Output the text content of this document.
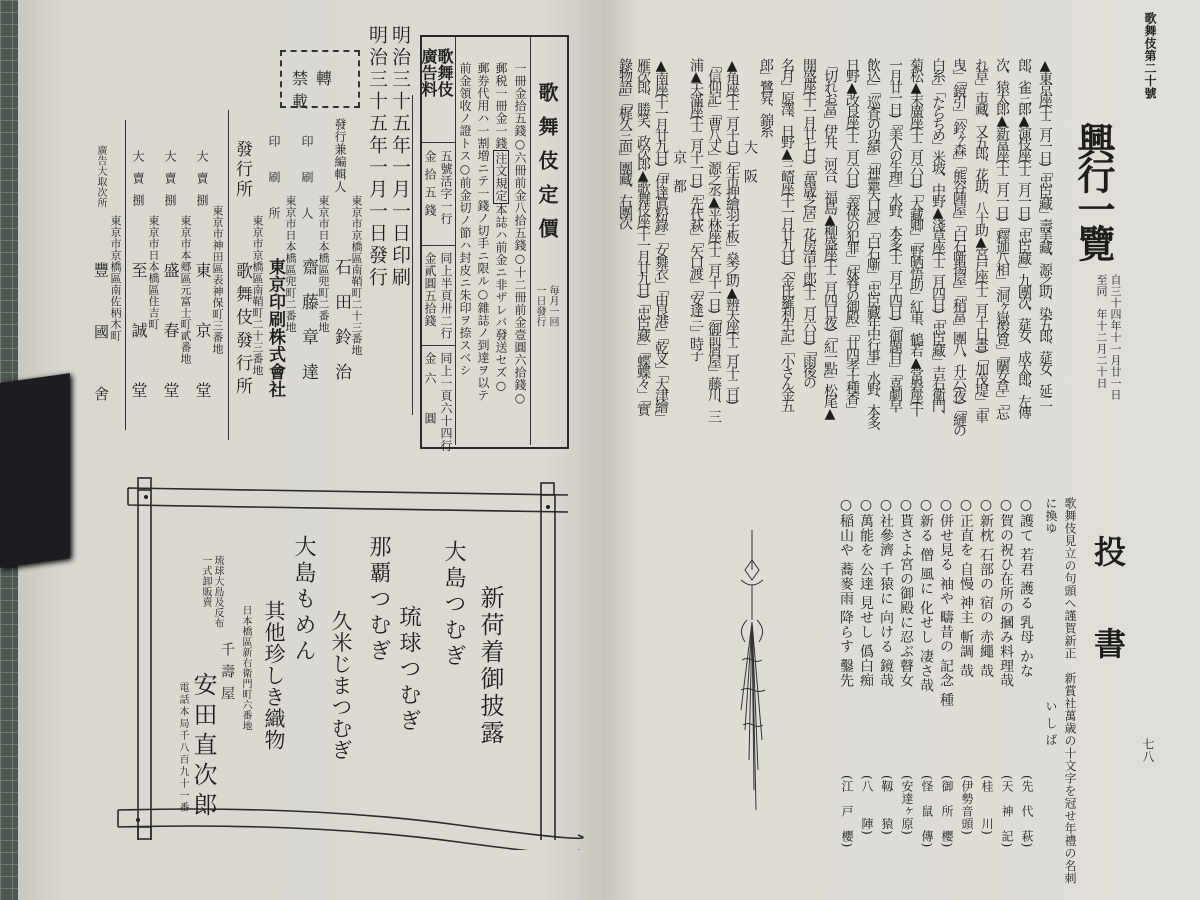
歌舞伎定價
毎月一回
一日發行
一冊金拾五錢○六冊前金八拾五錢○十二冊前金壹圓六拾錢○
郵税一冊金一錢注文規定本誌ハ前金ニ非ザレバ發送セズ○
郵券代用ハ一割増ニテ一錢ノ切手ニ限ル○雜誌ノ到達ヲ以テ
前金領收ノ證トス○前金切ノ節ハ封皮ニ朱印ヲ捺スベシ
歌舞伎
廣告料
五號活字一行
金拾五錢
同上半頁卅二行
金貳圓五拾錢
同上一頁六十四行
金六　圓
明治三十五年一月一日印刷
明治三十五年一月一日發行
禁轉載
東京市京橋區南鞘町二十三番地
發行兼編輯人
石　田　鈴　治
東京市日本橋區兜町二番地
印　刷　人
齋　藤　章　達
東京市日本橋區兜町二番地
印　刷　所
東京印刷株式會社
東京市京橋區南鞘町二十三番地
發行所
歌舞伎發行所
東京市神田區表神保町三番地
大賣捌
東　京　堂
東京市本郷區元富士町貳番地
大賣捌
盛　春　堂
東京市日本橋區住吉町
大賣捌
至　誠　堂
東京市京橋區南佐柄木町
廣告大取次所
豐　國　舍
新荷着御披露
大島つむぎ
琉球つむぎ
那覇つむぎ
久米じまつむぎ
大島もめん
其他珍しき織物
日本橋區新右衛門町六番地
琉球大島及反布
一式卸販賣
千壽屋
安田直次郎
電話本局千八百九十一番
歌舞伎第二十號
興行一覽
自三十四年十一月廿一日
至同　年十二月二十日
▲東京座(十二月一日)「忠臣藏」壽美藏、源之助、染五郎、莚女、延二
郎、雀三郎▲演伎座(十二月一日)「忠臣藏」九團次、莚女、成太郎、左傳
次、猿太郎▲新富座(十二月一日)「釋迦八相」「洞ヶ嶽俊寛」「關女草」「忘
れ草」市藏、又五郎、花助、八十助▲宮戸座(十二月十日晝)「加茂堤」「車
曳」「鏡引」「鈴ヶ森」「熊谷陣屋」「白石噺揚屋」「稍富」團八、升六(夜)「縺の
白糸」「たらちめ」米坡、中野▲淺草座(十二月四日)「忠臣藏」吉右衛門、
菊松▲末廣座(十二月六日)「大藏卿」「野晒悟助」紅車、鶴若▲常磐座(十
一月廿一日)「美人の生理」水野、本多(十二月十四日)「御題目」「喜劇早
飲込」「巡査の功績」「神靈矢口渡」「白石噺」「忠臣藏年中行事」水野、本多、
日野▲改良座(十二月六日)「義俠の犯罪」「妹脊の御殿」「廿四孝十種香」
「切れお富」伊井、河合、福島▲柳盛座(十二月四日夜)「紅一點」松尾▲
開盛座(十一月廿七日)「萬歳芝居」花房清十郎(十二月六日)「雨後の
名月」原澤、日野▲三崎座(十一月廿九日)「金比羅利生記」「小さん金五
郎」鷺昇、錦糸
大　阪
▲角座(十二月十日)「年市押繪羽子板」燊之助▲辨天座(十二月十二日)
「信仰記」「曹八丈」源之丞▲平林座(十二月十一日)「御前屑屋」藤川、三
浦▲天滿座(十二月十一日)「先代萩」「矢口渡」「安達三」時子
京　都
▲南座(十一月廿九日)「伊達眞粉錄」「女舞衣」「由良港」「乾叉」「大津繪」
雁次郎、勝笑、政次郎▲歌舞伎座(十一月廿九日)「忠臣藏」「蝶蝶々」「實
錄物語」「梶久三面」團藏、右團次
投　書
歌舞伎見立の句頭へ謹賀新正
新賞社萬歳の十文字を冠せ年禮の名刺
に換ゆ
い し ば
○護て 若君 護る 乳母 かな
○賀の祝ひ在所の摑み料理哉
○新枕 石部の 宿の 赤繩 哉
○正直を 自慢 神主 斬調 哉
○併せ見る 袖や 疇昔の 記念 種
○新る 僧 風に 化せし 凄さ哉
○貰さよ宮の御殿に忍ぶ瞽女
○社參濟 千猿に 向ける 鏡哉
○萬能を 公達 見せし 僞白痴
○稲山や 蕎麥雨 降らす 鑿先
(先　代　萩)
(天　神　記)
(桂　　川)
(伊勢音頭)
(御　所　櫻)
(怪　鼠　傳)
(安達ヶ原)
(靱　　猿)
(八　　陣)
(江　戸　櫻)
七八
